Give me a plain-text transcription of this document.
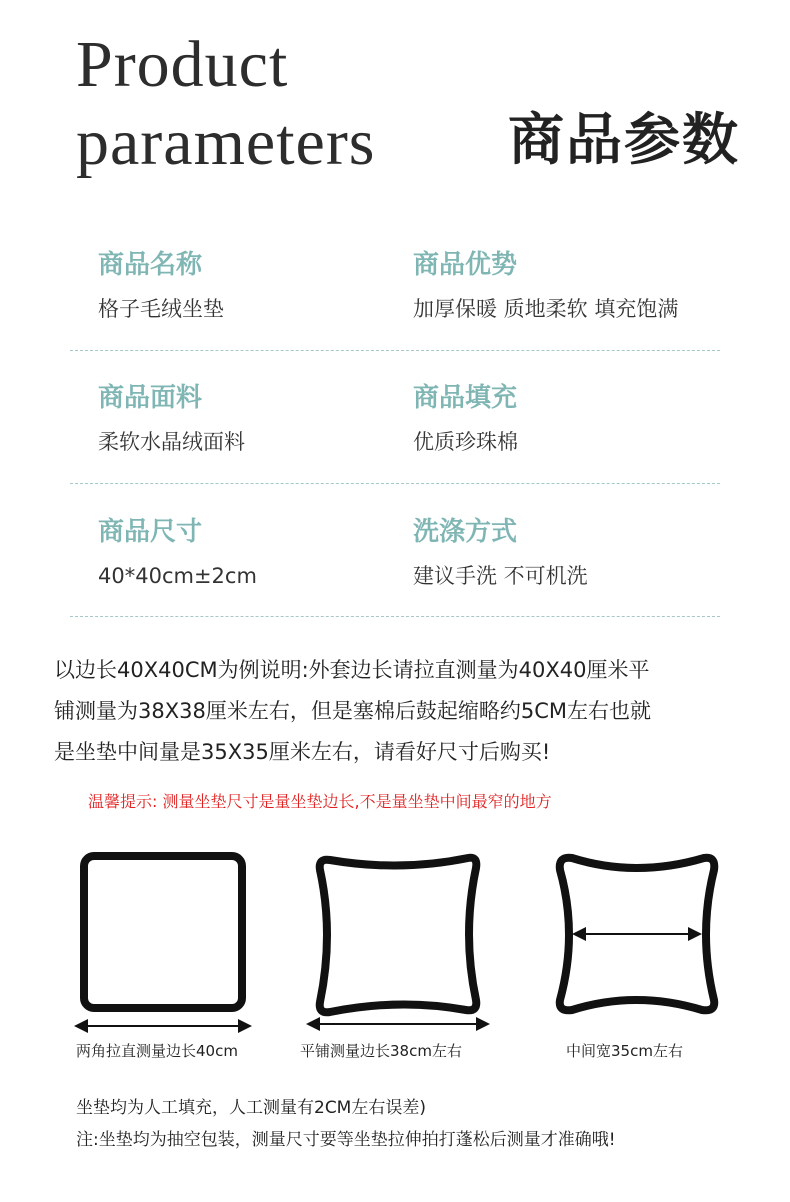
Product
parameters 商品参数
商品名称
格子毛绒坐垫
商品优势
加厚保暖 质地柔软 填充饱满
商品面料
柔软水晶绒面料
商品填充
优质珍珠棉
商品尺寸
40*40cm±2cm
洗涤方式
建议手洗 不可机洗
以边长40X40CM为例说明:外套边长请拉直测量为40X40厘米平
铺测量为38X38厘米左右，但是塞棉后鼓起缩略约5CM左右也就
是坐垫中间量是35X35厘米左右，请看好尺寸后购买!
温馨提示: 测量坐垫尺寸是量坐垫边长,不是量坐垫中间最窄的地方
两角拉直测量边长40cm	平铺测量边长38cm左右	中间宽35cm左右
坐垫均为人工填充，人工测量有2CM左右误差)
注:坐垫均为抽空包装，测量尺寸要等坐垫拉伸拍打蓬松后测量才准确哦!
